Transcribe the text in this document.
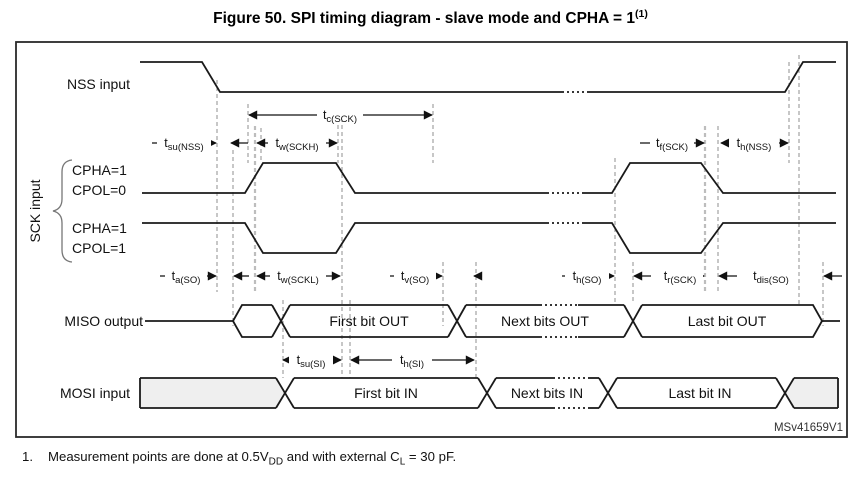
Figure 50. SPI timing diagram - slave mode and CPHA = $1^{(1)}$
$t_{su(NSS)}$
$t_{c(SCK)}$
$t_{w(SCKH)}$	$t_{f(SCK)}$	$t_{h(NSS)}$
$t_{a(SO)}$	$t_{w(SCKL)}$	$t_{v(SO)}$	$t_{h(SO)}$	$t_{r(SCK)}$	$t_{dis(SO)}$
$t_{su(SI)}$	$t_{h(SI)}$
NSS input
CPHA=1
CPOL=0
CPHA=1
CPOL=1
SCK input
MISO output
MOSI input
First bit OUT	Next bits OUT	Last bit OUT
First bit IN	Next bits IN	Last bit IN
MSv41659V1
1. Measurement points are done at $0.5V_{DD}$ and with external $C_L = 30$ pF.
